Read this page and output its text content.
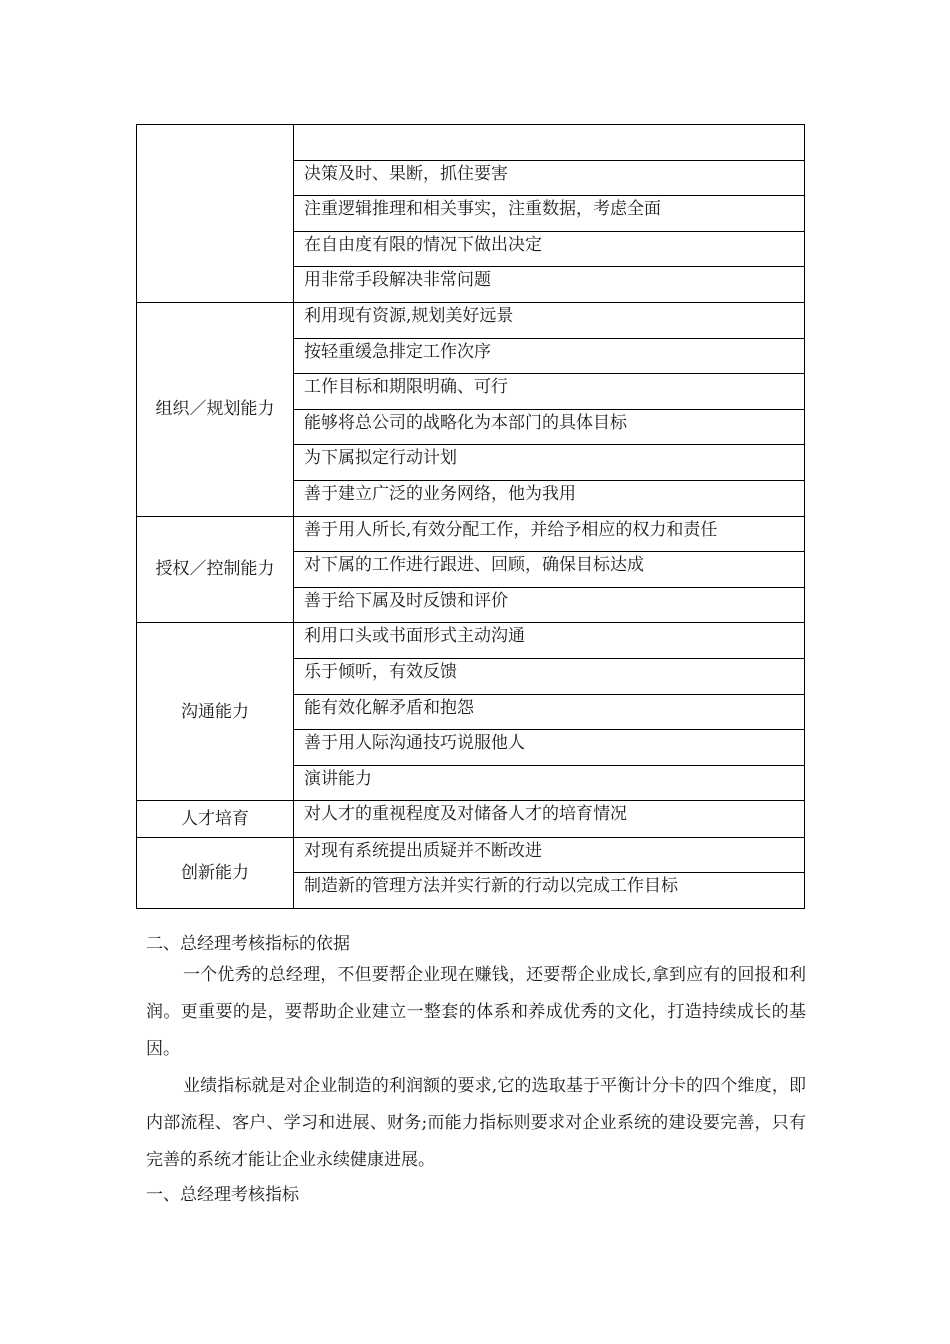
	决策及时、果断，抓住要害
	注重逻辑推理和相关事实，注重数据，考虑全面
	在自由度有限的情况下做出决定
	用非常手段解决非常问题
组织／规划能力	利用现有资源,规划美好远景
	按轻重缓急排定工作次序
	工作目标和期限明确、可行
	能够将总公司的战略化为本部门的具体目标
	为下属拟定行动计划
	善于建立广泛的业务网络，他为我用
授权／控制能力	善于用人所长,有效分配工作，并给予相应的权力和责任
	对下属的工作进行跟进、回顾，确保目标达成
	善于给下属及时反馈和评价
沟通能力	利用口头或书面形式主动沟通
	乐于倾听，有效反馈
	能有效化解矛盾和抱怨
	善于用人际沟通技巧说服他人
	演讲能力
人才培育	对人才的重视程度及对储备人才的培育情况
创新能力	对现有系统提出质疑并不断改进
	制造新的管理方法并实行新的行动以完成工作目标
二、总经理考核指标的依据

一个优秀的总经理，不但要帮企业现在赚钱，还要帮企业成长,拿到应有的回报和利润。更重要的是，要帮助企业建立一整套的体系和养成优秀的文化，打造持续成长的基因。

业绩指标就是对企业制造的利润额的要求,它的选取基于平衡计分卡的四个维度，即内部流程、客户、学习和进展、财务;而能力指标则要求对企业系统的建设要完善，只有完善的系统才能让企业永续健康进展。

一、总经理考核指标
